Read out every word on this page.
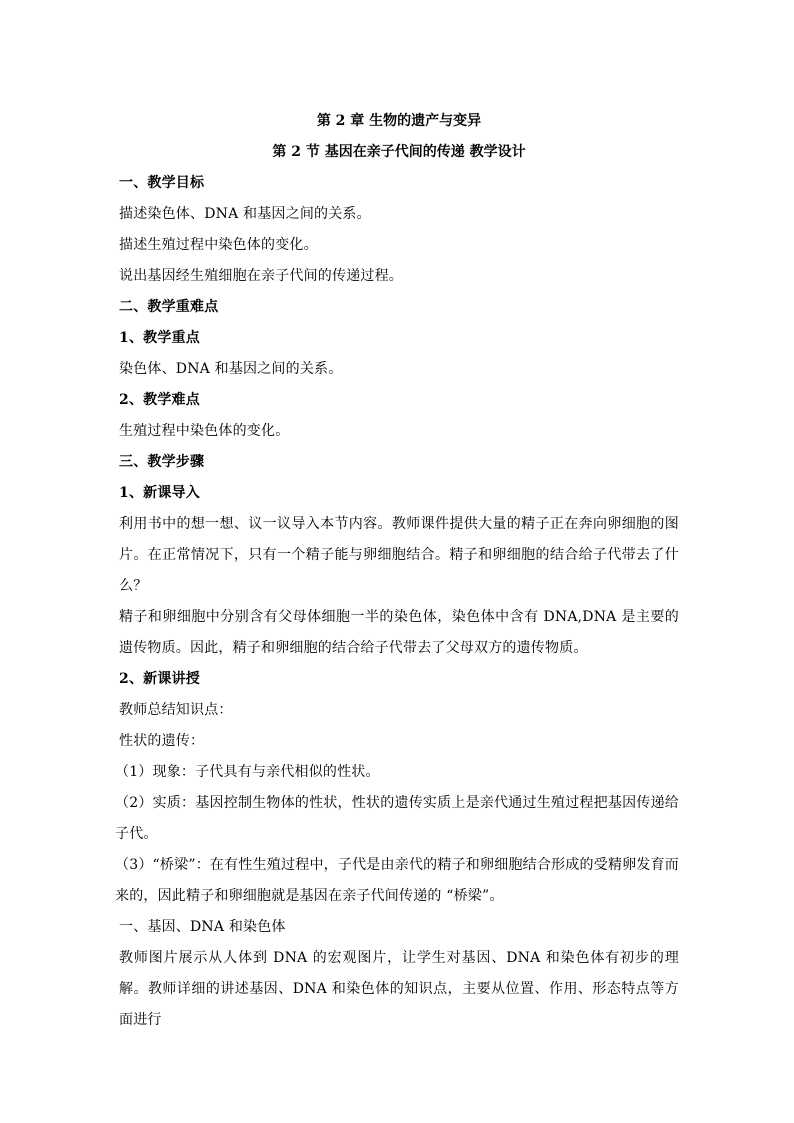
第 2 章 生物的遗产与变异
第 2 节 基因在亲子代间的传递 教学设计
一、教学目标
描述染色体、DNA 和基因之间的关系。
描述生殖过程中染色体的变化。
说出基因经生殖细胞在亲子代间的传递过程。
二、教学重难点
1、教学重点
染色体、DNA 和基因之间的关系。
2、教学难点
生殖过程中染色体的变化。
三、教学步骤
1、新课导入
利用书中的想一想、议一议导入本节内容。教师课件提供大量的精子正在奔向卵细胞的图片。在正常情况下，只有一个精子能与卵细胞结合。精子和卵细胞的结合给子代带去了什么？
精子和卵细胞中分别含有父母体细胞一半的染色体，染色体中含有 DNA,DNA 是主要的遗传物质。因此，精子和卵细胞的结合给子代带去了父母双方的遗传物质。
2、新课讲授
教师总结知识点：
性状的遗传：
（1）现象：子代具有与亲代相似的性状。
（2）实质：基因控制生物体的性状，性状的遗传实质上是亲代通过生殖过程把基因传递给子代。
（3）“桥梁”：在有性生殖过程中，子代是由亲代的精子和卵细胞结合形成的受精卵发育而来的，因此精子和卵细胞就是基因在亲子代间传递的 “桥梁”。
一、基因、DNA 和染色体
教师图片展示从人体到 DNA 的宏观图片，让学生对基因、DNA 和染色体有初步的理解。教师详细的讲述基因、DNA 和染色体的知识点，主要从位置、作用、形态特点等方面进行
